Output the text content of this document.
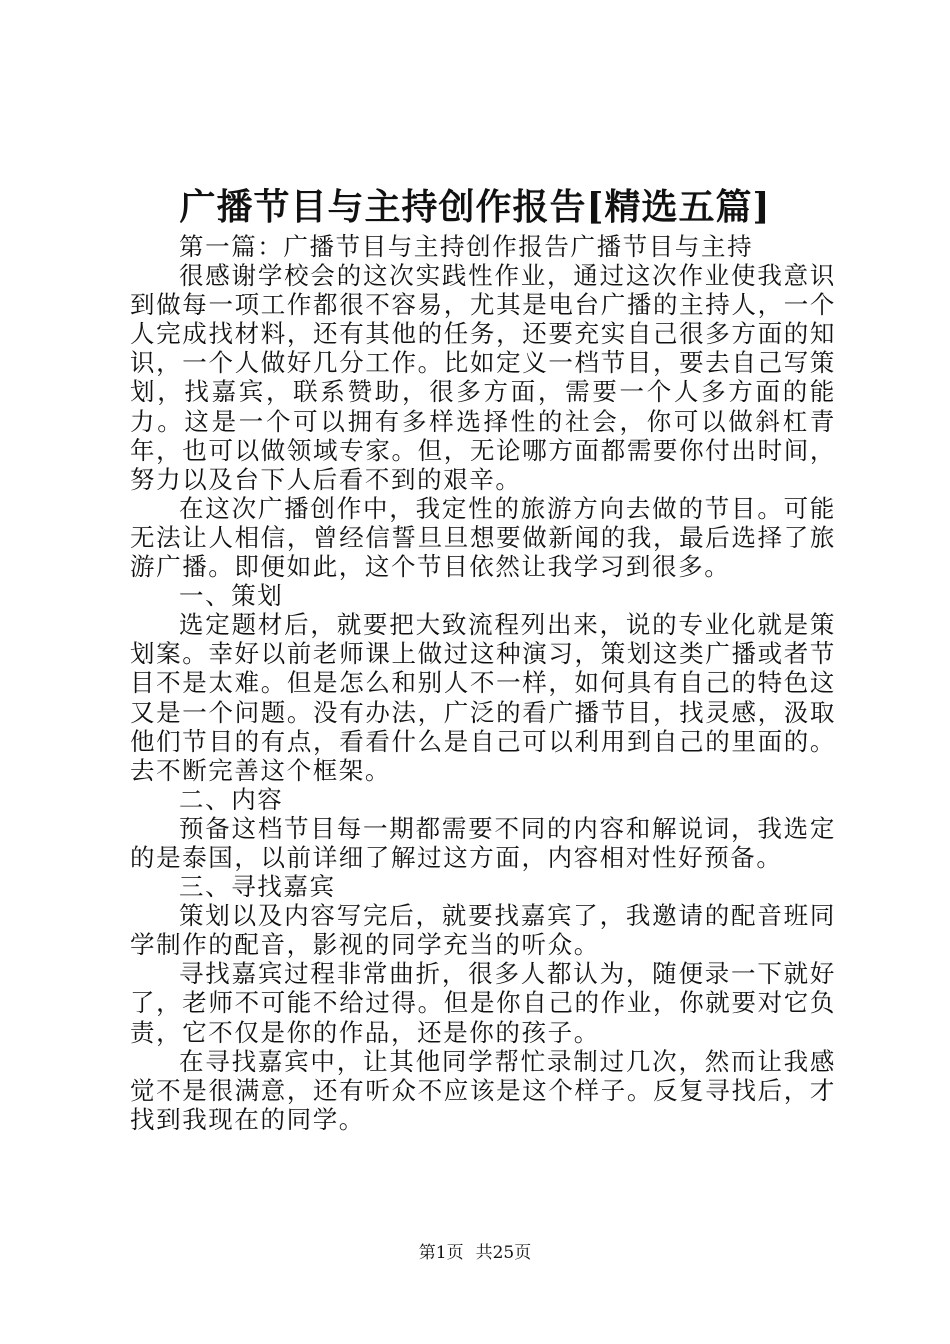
广播节目与主持创作报告[精选五篇]

第一篇：广播节目与主持创作报告广播节目与主持

很感谢学校会的这次实践性作业，通过这次作业使我意识到做每一项工作都很不容易，尤其是电台广播的主持人，一个人完成找材料，还有其他的任务，还要充实自己很多方面的知识，一个人做好几分工作。比如定义一档节目，要去自己写策划，找嘉宾，联系赞助，很多方面，需要一个人多方面的能力。这是一个可以拥有多样选择性的社会，你可以做斜杠青年，也可以做领域专家。但，无论哪方面都需要你付出时间，努力以及台下人后看不到的艰辛。

在这次广播创作中，我定性的旅游方向去做的节目。可能无法让人相信，曾经信誓旦旦想要做新闻的我，最后选择了旅游广播。即便如此，这个节目依然让我学习到很多。

一、策划

选定题材后，就要把大致流程列出来，说的专业化就是策划案。幸好以前老师课上做过这种演习，策划这类广播或者节目不是太难。但是怎么和别人不一样，如何具有自己的特色这又是一个问题。没有办法，广泛的看广播节目，找灵感，汲取他们节目的有点，看看什么是自己可以利用到自己的里面的。去不断完善这个框架。

二、内容

预备这档节目每一期都需要不同的内容和解说词，我选定的是泰国，以前详细了解过这方面，内容相对性好预备。

三、寻找嘉宾

策划以及内容写完后，就要找嘉宾了，我邀请的配音班同学制作的配音，影视的同学充当的听众。

寻找嘉宾过程非常曲折，很多人都认为，随便录一下就好了，老师不可能不给过得。但是你自己的作业，你就要对它负责，它不仅是你的作品，还是你的孩子。

在寻找嘉宾中，让其他同学帮忙录制过几次，然而让我感觉不是很满意，还有听众不应该是这个样子。反复寻找后，才找到我现在的同学。

第1页 共25页
